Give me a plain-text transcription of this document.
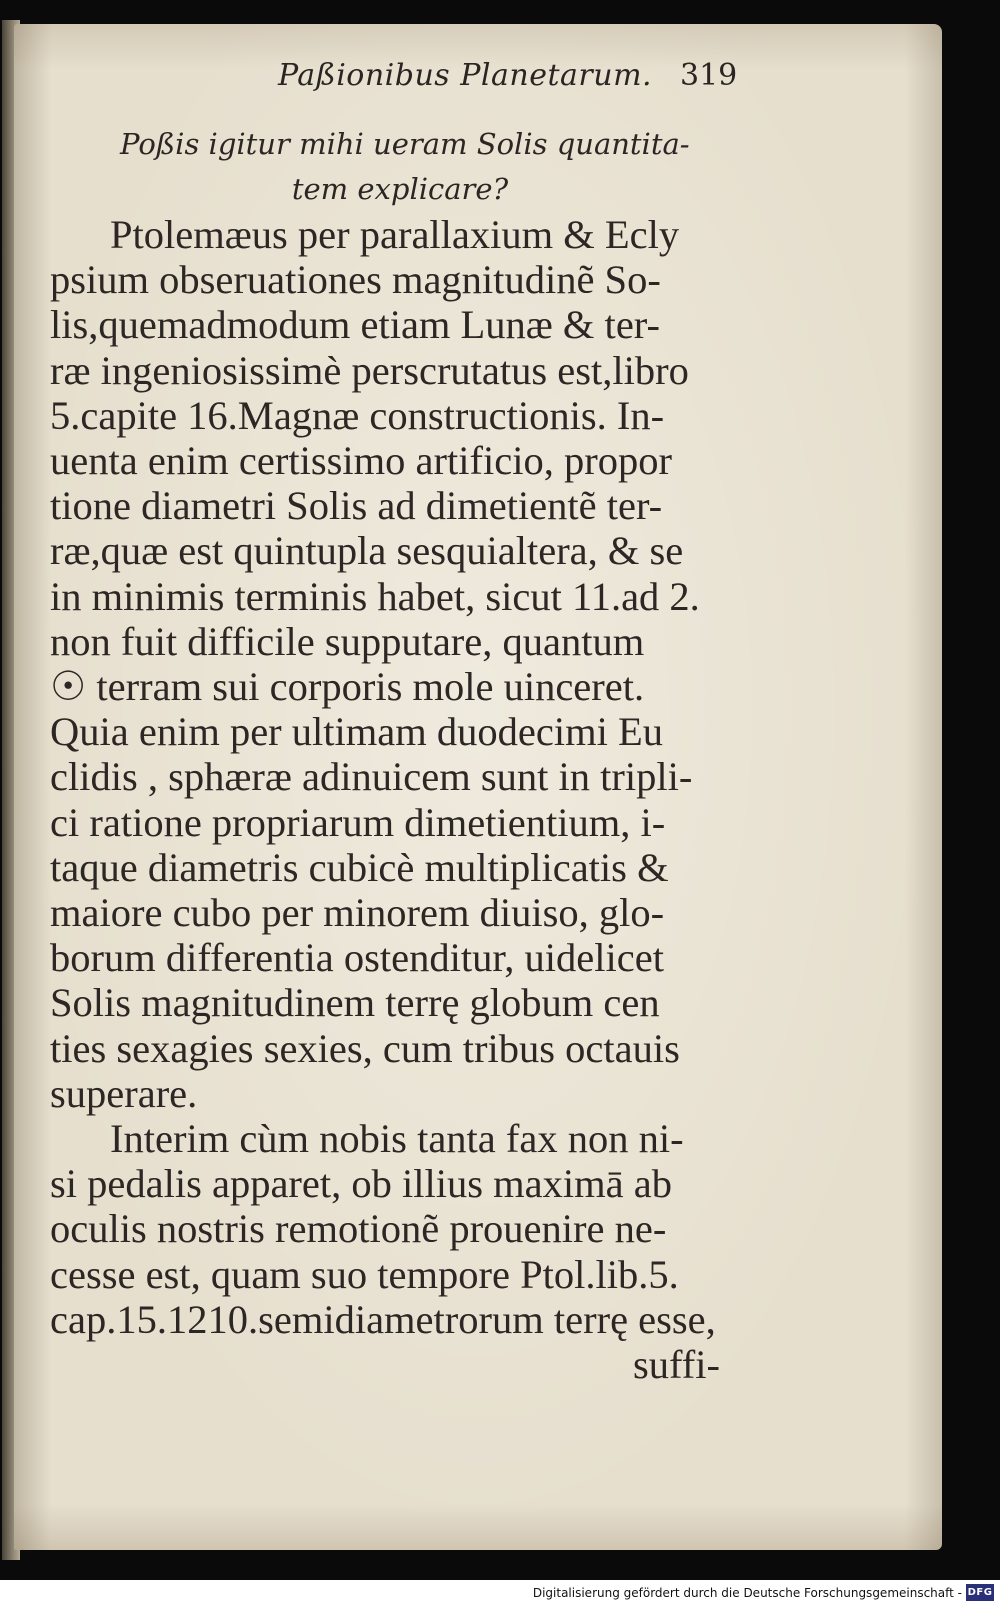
Paßionibus Planetarum. 319
Poßis igitur mihi ueram Solis quantita-
tem explicare?
Ptolemæus per parallaxium & Ecly
psium obseruationes magnitudinẽ So-
lis,quemadmodum etiam Lunæ & ter-
ræ ingeniosissimè perscrutatus est,libro
5.capite 16.Magnæ constructionis. In-
uenta enim certissimo artificio, propor
tione diametri Solis ad dimetientẽ ter-
ræ,quæ est quintupla sesquialtera, & se
in minimis terminis habet, sicut 11.ad 2.
non fuit difficile supputare, quantum
☉ terram sui corporis mole uinceret.
Quia enim per ultimam duodecimi Eu
clidis , sphæræ adinuicem sunt in tripli-
ci ratione propriarum dimetientium, i-
taque diametris cubicè multiplicatis &
maiore cubo per minorem diuiso, glo-
borum differentia ostenditur, uidelicet
Solis magnitudinem terrę globum cen
ties sexagies sexies, cum tribus octauis
superare.
Interim cùm nobis tanta fax non ni-
si pedalis apparet, ob illius maximā ab
oculis nostris remotionẽ prouenire ne-
cesse est, quam suo tempore Ptol.lib.5.
cap.15.1210.semidiametrorum terrę esse,
suffi-
Digitalisierung gefördert durch die Deutsche Forschungsgemeinschaft - DFG
